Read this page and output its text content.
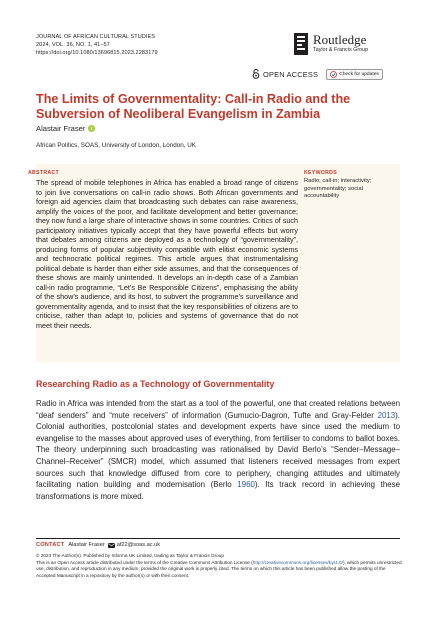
JOURNAL OF AFRICAN CULTURAL STUDIES
2024, VOL. 36, NO. 1, 41–57
https://doi.org/10.1080/13696815.2023.2283179
Routledge
Taylor & Francis Group
OPEN ACCESS	Check for updates
The Limits of Governmentality: Call-in Radio and the
Subversion of Neoliberal Evangelism in Zambia
Alastair Fraser
African Politics, SOAS, University of London, London, UK
ABSTRACT
The spread of mobile telephones in Africa has enabled a broad range of citizens to join live conversations on call-in radio shows. Both African governments and foreign aid agencies claim that broadcasting such debates can raise awareness, amplify the voices of the poor, and facilitate development and better governance; they now fund a large share of interactive shows in some countries. Critics of such participatory initiatives typically accept that they have powerful effects but worry that debates among citizens are deployed as a technology of “governmentality”, producing forms of popular subjectivity compatible with elitist economic systems and technocratic political regimes. This article argues that instrumentalising political debate is harder than either side assumes, and that the consequences of these shows are mainly unintended. It develops an in-depth case of a Zambian call-in radio programme, “Let’s Be Responsible Citizens”, emphasising the ability of the show’s audience, and its host, to subvert the programme’s surveillance and governmentality agenda, and to insist that the key responsibilities of citizens are to criticise, rather than adapt to, policies and systems of governance that do not meet their needs.
KEYWORDS
Radio; call-in; interactivity; governmentality; social accountability
Researching Radio as a Technology of Governmentality
Radio in Africa was intended from the start as a tool of the powerful, one that created relations between “deaf senders” and “mute receivers” of information (Gumucio-Dagron, Tufte and Gray-Felder 2013). Colonial authorities, postcolonial states and development experts have since used the medium to evangelise to the masses about approved uses of everything, from fertiliser to condoms to ballot boxes. The theory underpinning such broadcasting was rationalised by David Berlo’s “Sender–Message–Channel–Receiver” (SMCR) model, which assumed that listeners received messages from expert sources such that knowledge diffused from core to periphery, changing attitudes and ultimately facilitating nation building and modernisation (Berlo 1960). Its track record in achieving these transformations is more mixed.
CONTACT Alastair Fraser af22@soas.ac.uk
© 2023 The Author(s). Published by Informa UK Limited, trading as Taylor & Francis Group
This is an Open Access article distributed under the terms of the Creative Commons Attribution License (http://creativecommons.org/licenses/by/4.0/), which permits unrestricted use, distribution, and reproduction in any medium, provided the original work is properly cited. The terms on which this article has been published allow the posting of the Accepted Manuscript in a repository by the author(s) or with their consent.
